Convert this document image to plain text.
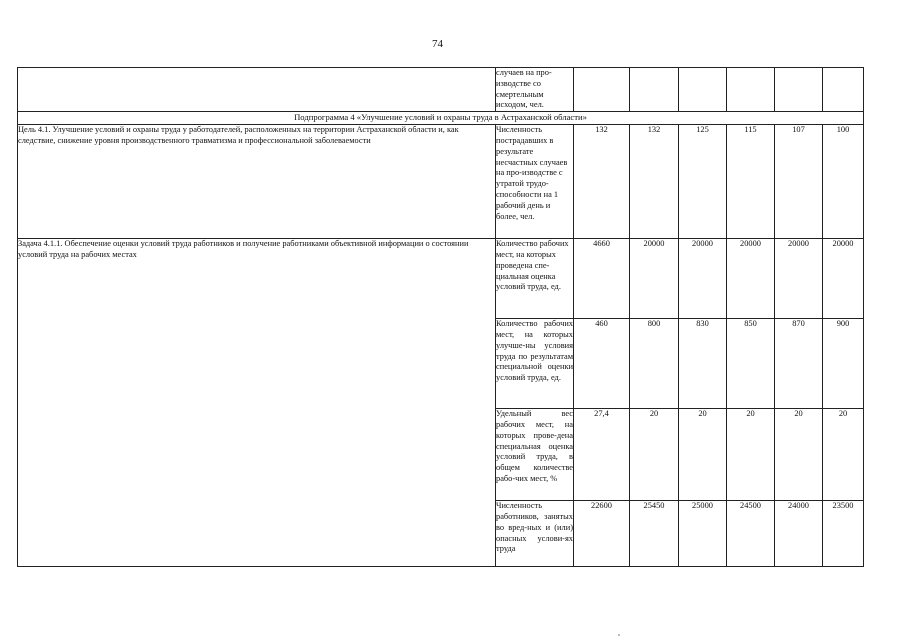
74
	случаев на про-изводстве со смертельным исходом, чел.						
Подпрограмма 4 «Улучшение условий и охраны труда в Астраханской области»							
Цель 4.1. Улучшение условий и охраны труда у работодателей, расположенных на территории Астраханской области и, как следствие, снижение уровня производственного травматизма и профессиональной заболеваемости	Численность пострадавших в результате несчастных случаев на про-изводстве с утратой трудо-способности на 1 рабочий день и более, чел.	132	132	125	115	107	100
Задача 4.1.1. Обеспечение оценки условий труда работников и получение работниками объективной информации о состоянии условий труда на рабочих местах	Количество рабочих мест, на которых проведена спе-циальная оценка условий труда, ед.	4660	20000	20000	20000	20000	20000
	Количество рабочих мест, на которых улучше-ны условия труда по результатам специальной оценки условий труда, ед.	460	800	830	850	870	900
	Удельный вес рабочих мест, на которых прове-дена специальная оценка условий труда, в общем количестве рабо-чих мест, %	27,4	20	20	20	20	20
	Численность работников, занятых во вред-ных и (или) опасных услови-ях труда	22600	25450	25000	24500	24000	23500
